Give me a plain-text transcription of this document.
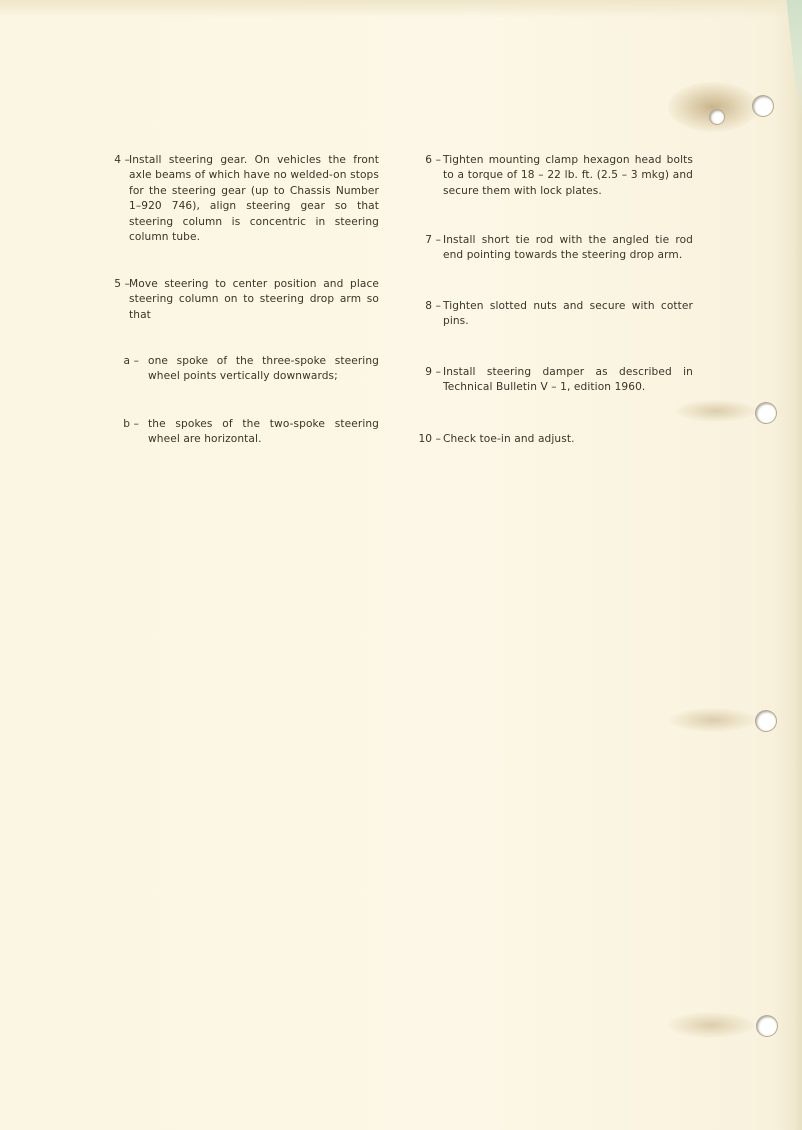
4 – Install steering gear. On vehicles the front axle beams of which have no welded-on stops for the steering gear (up to Chassis Number 1–920 746), align steering gear so that steering column is concentric in steering column tube.
5 – Move steering to center position and place steering column on to steering drop arm so that
a – one spoke of the three-spoke steering wheel points vertically downwards;
b – the spokes of the two-spoke steering wheel are horizontal.
6 – Tighten mounting clamp hexagon head bolts to a torque of 18 – 22 lb. ft. (2.5 – 3 mkg) and secure them with lock plates.
7 – Install short tie rod with the angled tie rod end pointing towards the steering drop arm.
8 – Tighten slotted nuts and secure with cotter pins.
9 – Install steering damper as described in Technical Bulletin V – 1, edition 1960.
10 – Check toe-in and adjust.
